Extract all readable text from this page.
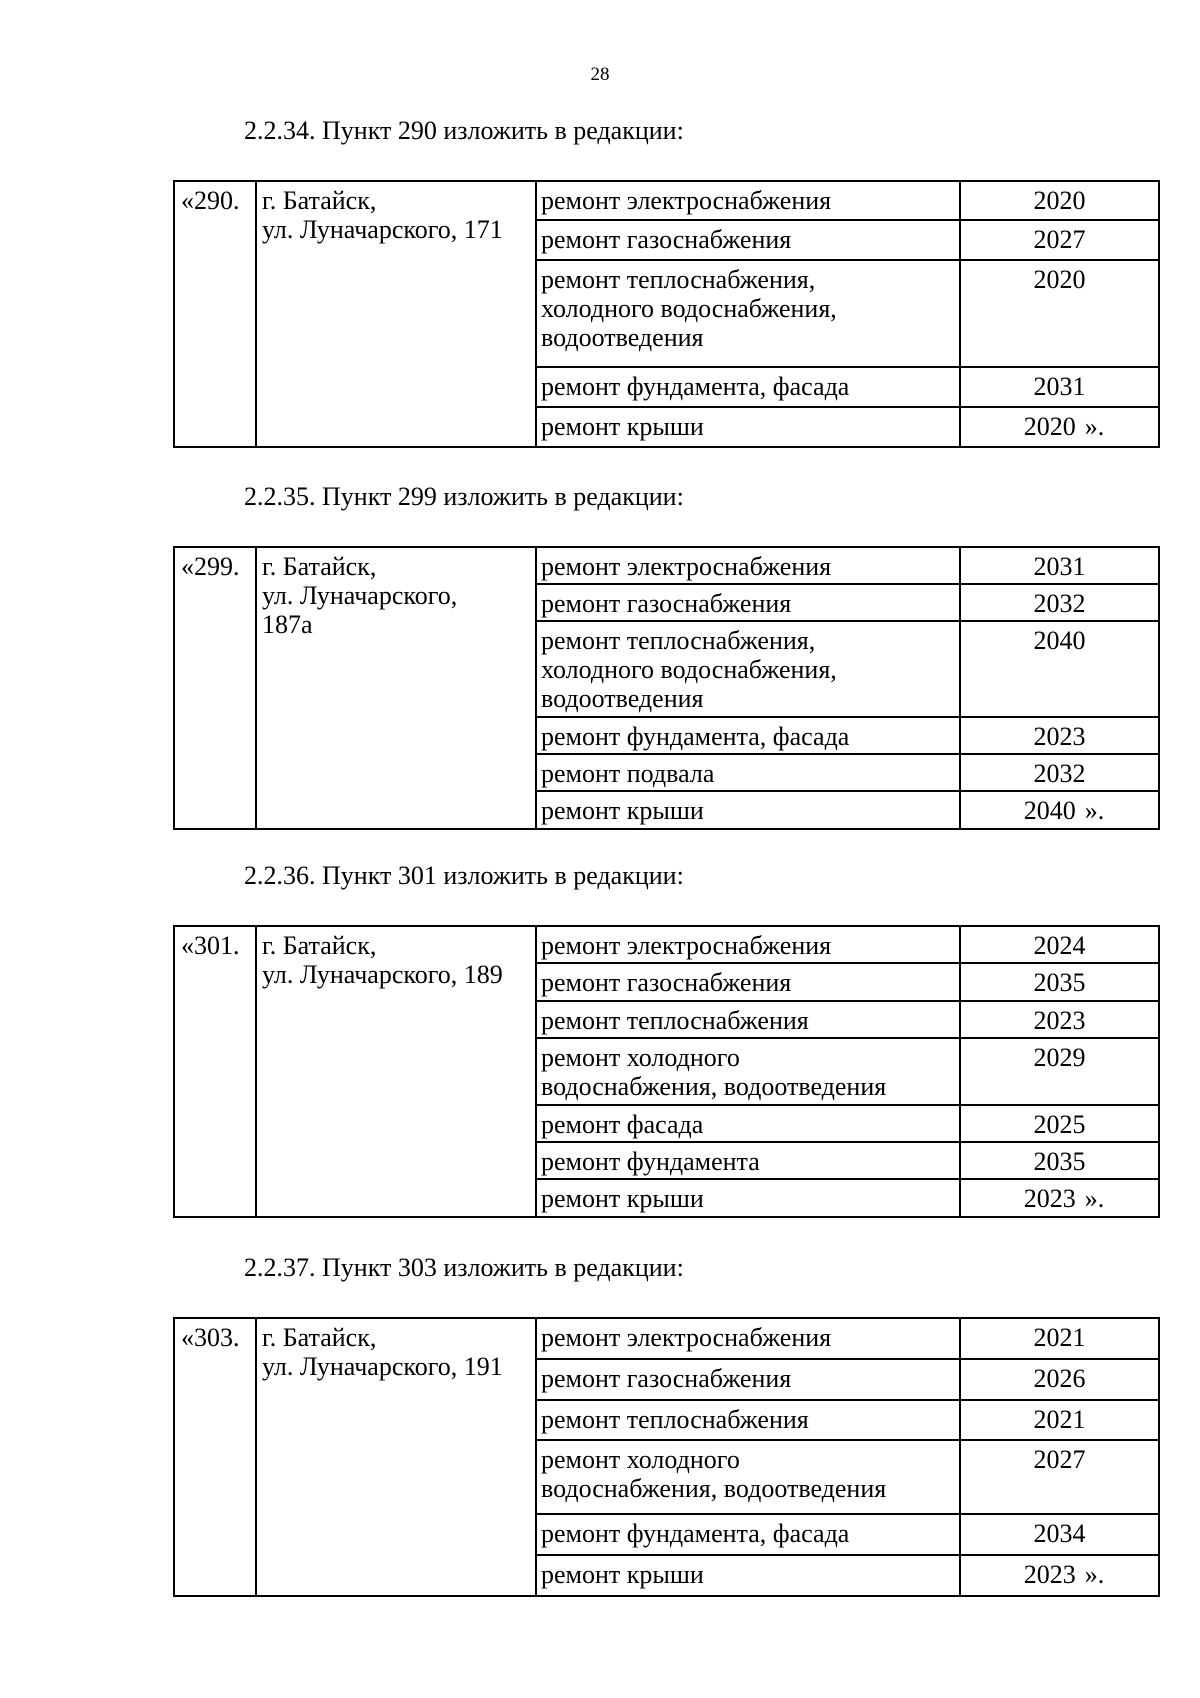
28
2.2.34. Пункт 290 изложить в редакции:
«290.	г. Батайск,
ул. Луначарского, 171	ремонт электроснабжения	2020

		ремонт газоснабжения	2027

		ремонт теплоснабжения,
холодного водоснабжения,
водоотведения	2020

		ремонт фундамента, фасада	2031

		ремонт крыши	2020 ».
2.2.35. Пункт 299 изложить в редакции:
«299.	г. Батайск,
ул. Луначарского,
187а	ремонт электроснабжения	2031

		ремонт газоснабжения	2032

		ремонт теплоснабжения,
холодного водоснабжения,
водоотведения	2040

		ремонт фундамента, фасада	2023

		ремонт подвала	2032

		ремонт крыши	2040 ».
2.2.36. Пункт 301 изложить в редакции:
«301.	г. Батайск,
ул. Луначарского, 189	ремонт электроснабжения	2024

		ремонт газоснабжения	2035

		ремонт теплоснабжения	2023

		ремонт холодного
водоснабжения, водоотведения	2029

		ремонт фасада	2025

		ремонт фундамента	2035

		ремонт крыши	2023 ».
2.2.37. Пункт 303 изложить в редакции:
«303.	г. Батайск,
ул. Луначарского, 191	ремонт электроснабжения	2021

		ремонт газоснабжения	2026

		ремонт теплоснабжения	2021

		ремонт холодного
водоснабжения, водоотведения	2027

		ремонт фундамента, фасада	2034

		ремонт крыши	2023 ».
